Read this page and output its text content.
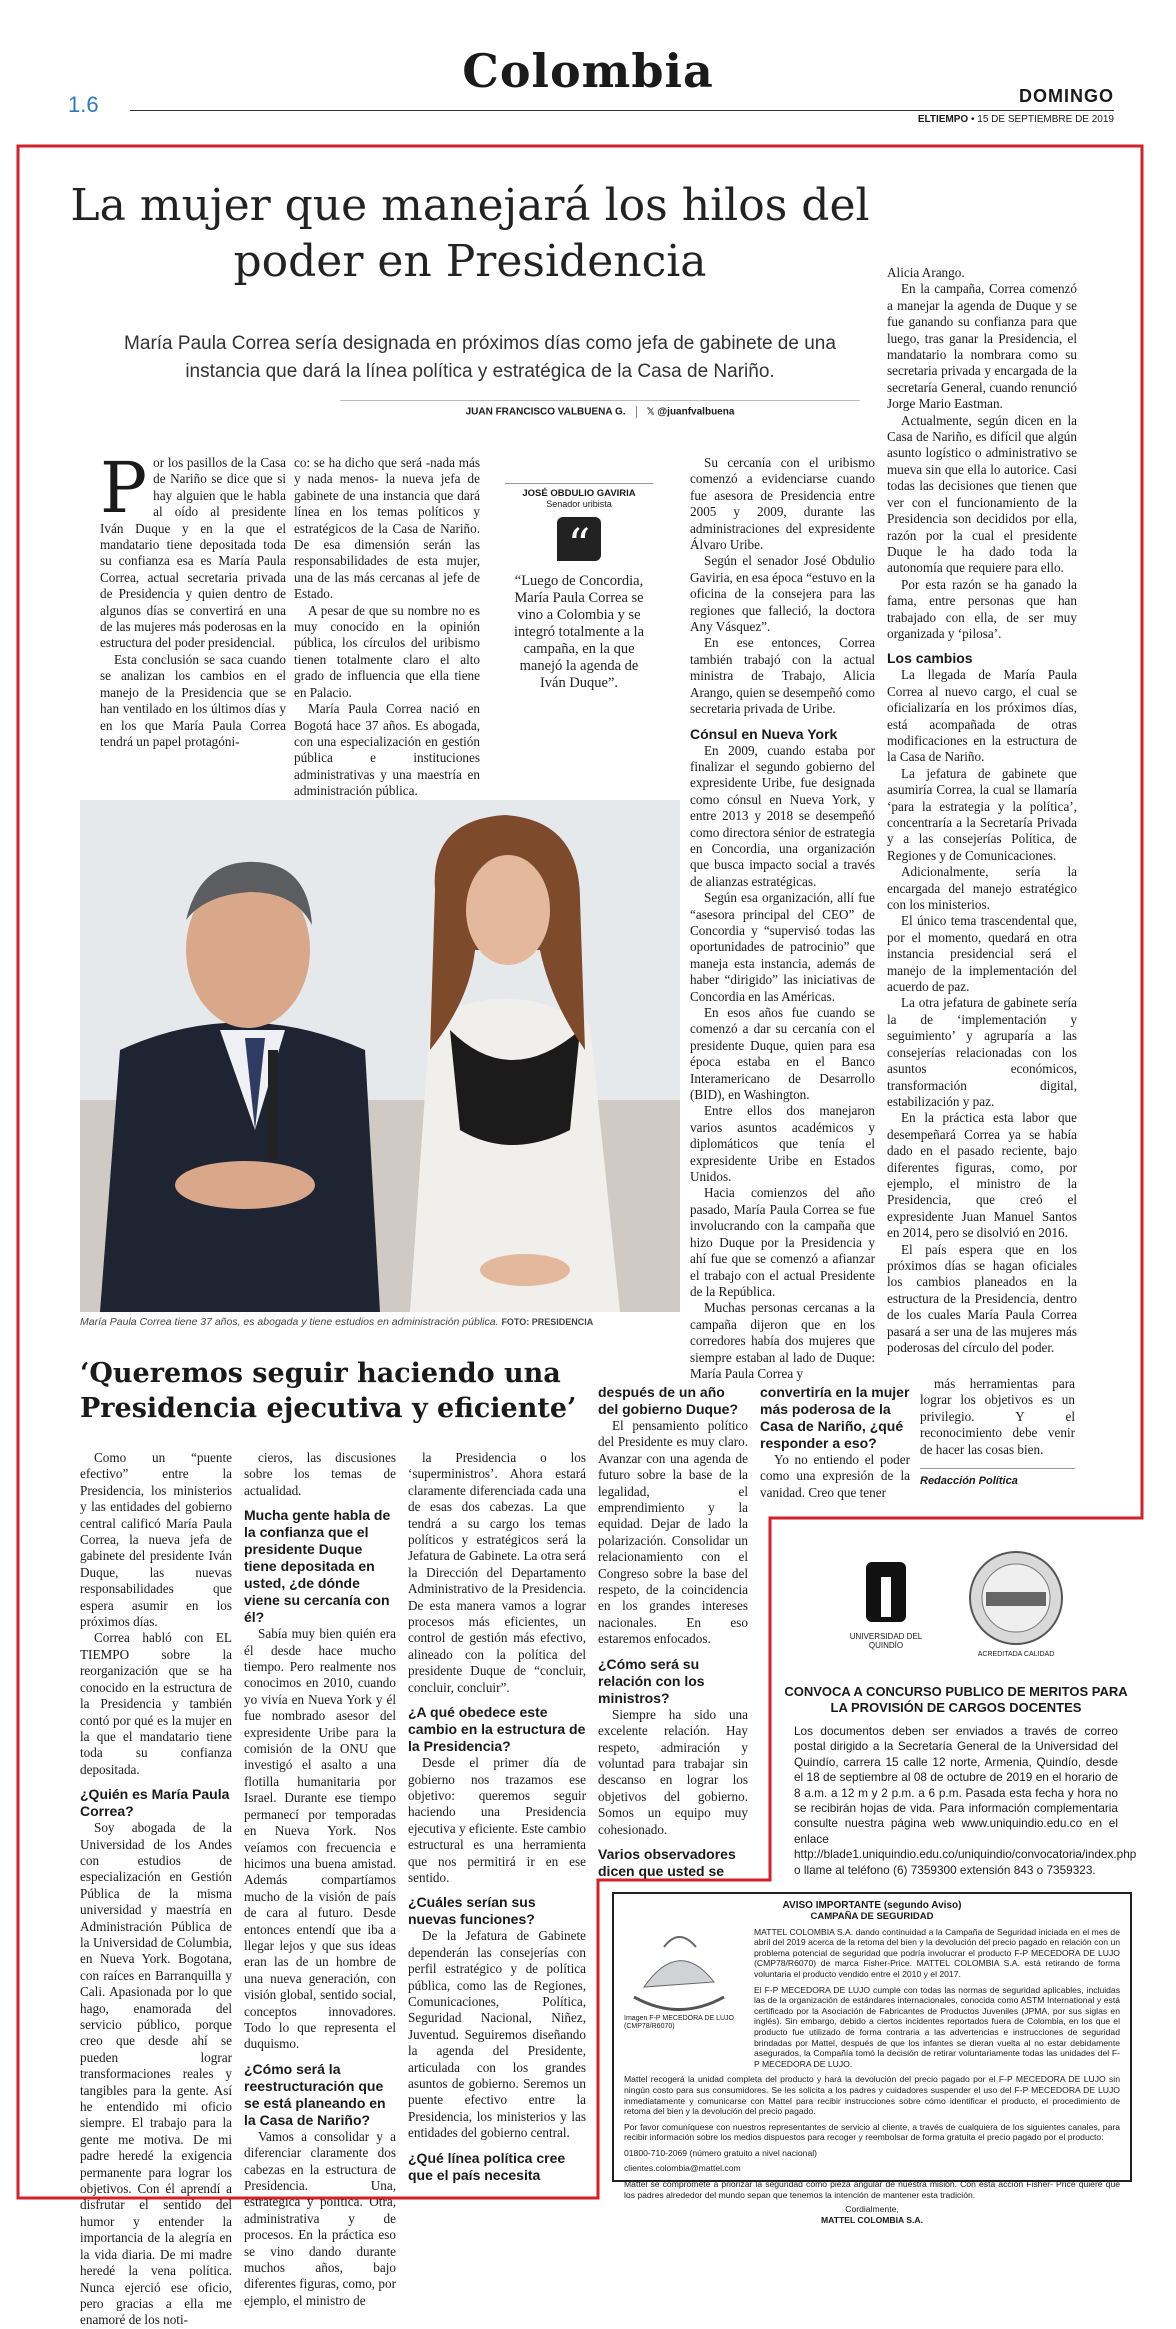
Colombia
1.6	DOMINGO
ELTIEMPO • 15 DE SEPTIEMBRE DE 2019
La mujer que manejará los hilos del poder en Presidencia
María Paula Correa sería designada en próximos días como jefa de gabinete de una instancia que dará la línea política y estratégica de la Casa de Nariño.
JUAN FRANCISCO VALBUENA G. 𝕏 @juanfvalbuena
P or los pasillos de la Casa de Nariño se dice que si hay alguien que le habla al oído al presidente Iván Duque y en la que el mandatario tiene depositada toda su confianza esa es María Paula Correa, actual secretaria privada de Presidencia y quien dentro de algunos días se convertirá en una de las mujeres más poderosas en la estructura del poder presidencial.

Esta conclusión se saca cuando se analizan los cambios en el manejo de la Presidencia que se han ventilado en los últimos días y en los que María Paula Correa tendrá un papel protagóni-

co: se ha dicho que será -nada más y nada menos- la nueva jefa de gabinete de una instancia que dará línea en los temas políticos y estratégicos de la Casa de Nariño. De esa dimensión serán las responsabilidades de esta mujer, una de las más cercanas al jefe de Estado.

A pesar de que su nombre no es muy conocido en la opinión pública, los círculos del uribismo tienen totalmente claro el alto grado de influencia que ella tiene en Palacio.

María Paula Correa nació en Bogotá hace 37 años. Es abogada, con una especialización en gestión pública e instituciones administrativas y una maestría en administración pública.

JOSÉ OBDULIO GAVIRIA
Senador uribista
“
“Luego de Concordia, María Paula Correa se vino a Colombia y se integró totalmente a la campaña, en la que manejó la agenda de Iván Duque”.

Su cercanía con el uribismo comenzó a evidenciarse cuando fue asesora de Presidencia entre 2005 y 2009, durante las administraciones del expresidente Álvaro Uribe.

Según el senador José Obdulio Gaviria, en esa época “estuvo en la oficina de la consejera para las regiones que falleció, la doctora Any Vásquez”.

En ese entonces, Correa también trabajó con la actual ministra de Trabajo, Alicia Arango, quien se desempeñó como secretaria privada de Uribe.

Cónsul en Nueva York

En 2009, cuando estaba por finalizar el segundo gobierno del expresidente Uribe, fue designada como cónsul en Nueva York, y entre 2013 y 2018 se desempeñó como directora sénior de estrategia en Concordia, una organización que busca impacto social a través de alianzas estratégicas.

Según esa organización, allí fue “asesora principal del CEO” de Concordia y “supervisó todas las oportunidades de patrocinio” que maneja esta instancia, además de haber “dirigido” las iniciativas de Concordia en las Américas.

En esos años fue cuando se comenzó a dar su cercanía con el presidente Duque, quien para esa época estaba en el Banco Interamericano de Desarrollo (BID), en Washington.

Entre ellos dos manejaron varios asuntos académicos y diplomáticos que tenía el expresidente Uribe en Estados Unidos.

Hacia comienzos del año pasado, María Paula Correa se fue involucrando con la campaña que hizo Duque por la Presidencia y ahí fue que se comenzó a afianzar el trabajo con el actual Presidente de la República.

Muchas personas cercanas a la campaña dijeron que en los corredores había dos mujeres que siempre estaban al lado de Duque: María Paula Correa y

Alicia Arango.

En la campaña, Correa comenzó a manejar la agenda de Duque y se fue ganando su confianza para que luego, tras ganar la Presidencia, el mandatario la nombrara como su secretaria privada y encargada de la secretaría General, cuando renunció Jorge Mario Eastman.

Actualmente, según dicen en la Casa de Nariño, es difícil que algún asunto logístico o administrativo se mueva sin que ella lo autorice. Casi todas las decisiones que tienen que ver con el funcionamiento de la Presidencia son decididos por ella, razón por la cual el presidente Duque le ha dado toda la autonomía que requiere para ello.

Por esta razón se ha ganado la fama, entre personas que han trabajado con ella, de ser muy organizada y ‘pilosa’.

Los cambios

La llegada de María Paula Correa al nuevo cargo, el cual se oficializaría en los próximos días, está acompañada de otras modificaciones en la estructura de la Casa de Nariño.

La jefatura de gabinete que asumiría Correa, la cual se llamaría ‘para la estrategia y la política’, concentraría a la Secretaría Privada y a las consejerías Política, de Regiones y de Comunicaciones.

Adicionalmente, sería la encargada del manejo estratégico con los ministerios.

El único tema trascendental que, por el momento, quedará en otra instancia presidencial será el manejo de la implementación del acuerdo de paz.

La otra jefatura de gabinete sería la de ‘implementación y seguimiento’ y agruparía a las consejerías relacionadas con los asuntos económicos, transformación digital, estabilización y paz.

En la práctica esta labor que desempeñará Correa ya se había dado en el pasado reciente, bajo diferentes figuras, como, por ejemplo, el ministro de la Presidencia, que creó el expresidente Juan Manuel Santos en 2014, pero se disolvió en 2016.

El país espera que en los próximos días se hagan oficiales los cambios planeados en la estructura de la Presidencia, dentro de los cuales María Paula Correa pasará a ser una de las mujeres más poderosas del círculo del poder.

María Paula Correa tiene 37 años, es abogada y tiene estudios en administración pública. FOTO: PRESIDENCIA
‘Queremos seguir haciendo una Presidencia ejecutiva y eficiente’

Como un “puente efectivo” entre la Presidencia, los ministerios y las entidades del gobierno central calificó María Paula Correa, la nueva jefa de gabinete del presidente Iván Duque, las nuevas responsabilidades que espera asumir en los próximos días.

Correa habló con EL TIEMPO sobre la reorganización que se ha conocido en la estructura de la Presidencia y también contó por qué es la mujer en la que el mandatario tiene toda su confianza depositada.

¿Quién es María Paula Correa?

Soy abogada de la Universidad de los Andes con estudios de especialización en Gestión Pública de la misma universidad y maestría en Administración Pública de la Universidad de Columbia, en Nueva York. Bogotana, con raíces en Barranquilla y Cali. Apasionada por lo que hago, enamorada del servicio público, porque creo que desde ahí se pueden lograr transformaciones reales y tangibles para la gente. Así he entendido mi oficio siempre. El trabajo para la gente me motiva. De mi padre heredé la exigencia permanente para lograr los objetivos. Con él aprendí a disfrutar el sentido del humor y entender la importancia de la alegría en la vida diaria. De mi madre heredé la vena política. Nunca ejerció ese oficio, pero gracias a ella me enamoré de los noti-

cieros, las discusiones sobre los temas de actualidad.

Mucha gente habla de la confianza que el presidente Duque tiene depositada en usted, ¿de dónde viene su cercanía con él?

Sabía muy bien quién era él desde hace mucho tiempo. Pero realmente nos conocimos en 2010, cuando yo vivía en Nueva York y él fue nombrado asesor del expresidente Uribe para la comisión de la ONU que investigó el asalto a una flotilla humanitaria por Israel. Durante ese tiempo permanecí por temporadas en Nueva York. Nos veíamos con frecuencia e hicimos una buena amistad. Además compartíamos mucho de la visión de país de cara al futuro. Desde entonces entendí que iba a llegar lejos y que sus ideas eran las de un hombre de una nueva generación, con visión global, sentido social, conceptos innovadores. Todo lo que representa el duquismo.

¿Cómo será la reestructuración que se está planeando en la Casa de Nariño?

Vamos a consolidar y a diferenciar claramente dos cabezas en la estructura de Presidencia. Una, estratégica y política. Otra, administrativa y de procesos. En la práctica eso se vino dando durante muchos años, bajo diferentes figuras, como, por ejemplo, el ministro de

la Presidencia o los ‘superministros’. Ahora estará claramente diferenciada cada una de esas dos cabezas. La que tendrá a su cargo los temas políticos y estratégicos será la Jefatura de Gabinete. La otra será la Dirección del Departamento Administrativo de la Presidencia. De esta manera vamos a lograr procesos más eficientes, un control de gestión más efectivo, alineado con la política del presidente Duque de “concluir, concluir, concluir”.

¿A qué obedece este cambio en la estructura de la Presidencia?

Desde el primer día de gobierno nos trazamos ese objetivo: queremos seguir haciendo una Presidencia ejecutiva y eficiente. Este cambio estructural es una herramienta que nos permitirá ir en ese sentido.

¿Cuáles serían sus nuevas funciones?

De la Jefatura de Gabinete dependerán las consejerías con perfil estratégico y de política pública, como las de Regiones, Comunicaciones, Política, Seguridad Nacional, Niñez, Juventud. Seguiremos diseñando la agenda del Presidente, articulada con los grandes asuntos de gobierno. Seremos un puente efectivo entre la Presidencia, los ministerios y las entidades del gobierno central.

¿Qué línea política cree que el país necesita
después de un año del gobierno Duque?

El pensamiento político del Presidente es muy claro. Avanzar con una agenda de futuro sobre la base de la legalidad, el emprendimiento y la equidad. Dejar de lado la polarización. Consolidar un relacionamiento con el Congreso sobre la base del respeto, de la coincidencia en los grandes intereses nacionales. En eso estaremos enfocados.

¿Cómo será su relación con los ministros?

Siempre ha sido una excelente relación. Hay respeto, admiración y voluntad para trabajar sin descanso en lograr los objetivos del gobierno. Somos un equipo muy cohesionado.

Varios observadores dicen que usted se
convertiría en la mujer más poderosa de la Casa de Nariño, ¿qué responder a eso?

Yo no entiendo el poder como una expresión de la vanidad. Creo que tener

más herramientas para lograr los objetivos es un privilegio. Y el reconocimiento debe venir de hacer las cosas bien.

Redacción Política
UNIVERSIDAD DEL QUINDÍO
ACREDITADA CALIDAD
CONVOCA A CONCURSO PUBLICO DE MERITOS PARA LA PROVISIÓN DE CARGOS DOCENTES
Los documentos deben ser enviados a través de correo postal dirigido a la Secretaría General de la Universidad del Quindío, carrera 15 calle 12 norte, Armenia, Quindío, desde el 18 de septiembre al 08 de octubre de 2019 en el horario de 8 a.m. a 12 m y 2 p.m. a 6 p.m. Pasada esta fecha y hora no se recibirán hojas de vida. Para información complementaria consulte nuestra página web www.uniquindio.edu.co en el enlace http://blade1.uniquindio.edu.co/uniquindio/convocatoria/index.php o llame al teléfono (6) 7359300 extensión 843 o 7359323.
AVISO IMPORTANTE (segundo Aviso)
CAMPAÑA DE SEGURIDAD
Imagen F-P MECEDORA DE LUJO (CMP78/R6070)
MATTEL COLOMBIA S.A. dando continuidad a la Campaña de Seguridad iniciada en el mes de abril del 2019 acerca de la retoma del bien y la devolución del precio pagado en relación con un problema potencial de seguridad que podría involucrar el producto F-P MECEDORA DE LUJO (CMP78/R6070) de marca Fisher-Price. MATTEL COLOMBIA S.A. está retirando de forma voluntaria el producto vendido entre el 2010 y el 2017.
El F-P MECEDORA DE LUJO cumple con todas las normas de seguridad aplicables, incluidas las de la organización de estándares internacionales, conocida como ASTM International y está certificado por la Asociación de Fabricantes de Productos Juveniles (JPMA, por sus siglas en inglés). Sin embargo, debido a ciertos incidentes reportados fuera de Colombia, en los que el producto fue utilizado de forma contraria a las advertencias e instrucciones de seguridad brindadas por Mattel, después de que los infantes se dieran vuelta al no estar debidamente asegurados, la Compañía tomó la decisión de retirar voluntariamente todas las unidades del F-P MECEDORA DE LUJO.
Mattel recogerá la unidad completa del producto y hará la devolución del precio pagado por el F-P MECEDORA DE LUJO sin ningún costo para sus consumidores. Se les solicita a los padres y cuidadores suspender el uso del F-P MECEDORA DE LUJO inmediatamente y comunicarse con Mattel para recibir instrucciones sobre cómo identificar el producto, el procedimiento de retoma del bien y la devolución del precio pagado.
Por favor comuníquese con nuestros representantes de servicio al cliente, a través de cualquiera de los siguientes canales, para recibir información sobre los medios dispuestos para recoger y reembolsar de forma gratuita el precio pagado por el producto:
01800-710-2069 (número gratuito a nivel nacional)
clientes.colombia@mattel.com
Mattel se compromete a priorizar la seguridad como pieza angular de nuestra misión. Con esta acción Fisher- Price quiere que los padres alrededor del mundo sepan que tenemos la intención de mantener esta tradición.
Cordialmente,
MATTEL COLOMBIA S.A.
